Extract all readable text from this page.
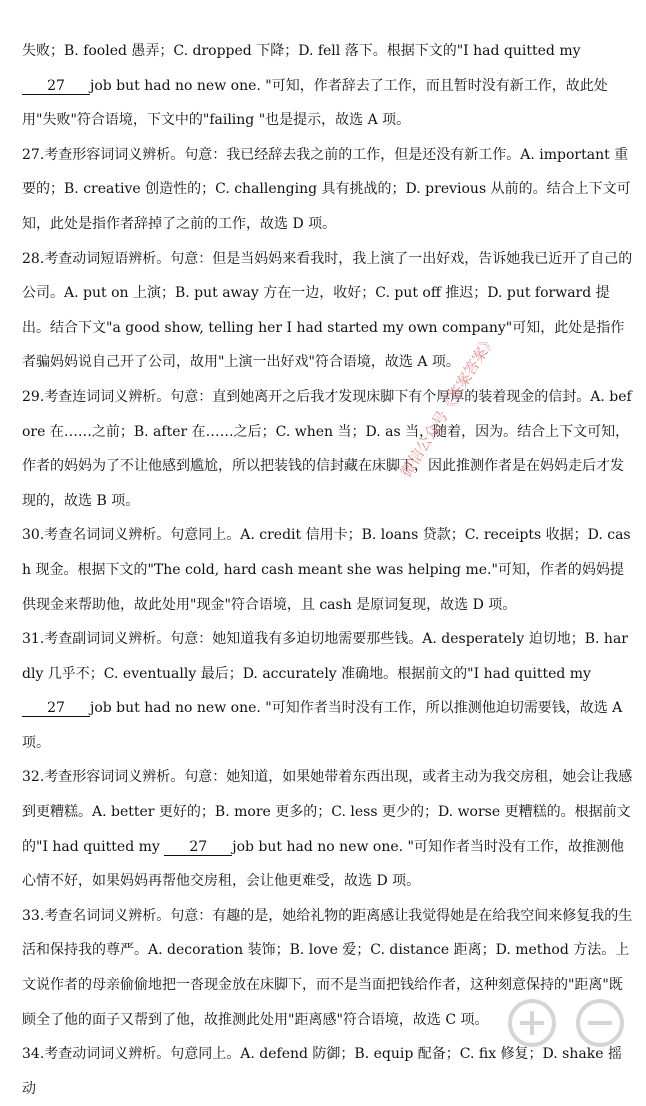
失败；B. fooled 愚弄；C. dropped 下降；D. fell 落下。根据下文的"I had quitted my 27 job but had no new one. "可知，作者辞去了工作，而且暂时没有新工作，故此处用"失败"符合语境，下文中的"failing "也是提示，故选 A 项。

27.考查形容词词义辨析。句意：我已经辞去我之前的工作，但是还没有新工作。A. important 重要的；B. creative 创造性的；C. challenging 具有挑战的；D. previous 从前的。结合上下文可知，此处是指作者辞掉了之前的工作，故选 D 项。

28.考查动词短语辨析。句意：但是当妈妈来看我时，我上演了一出好戏，告诉她我已近开了自己的公司。A. put on 上演；B. put away 方在一边，收好；C. put off 推迟；D. put forward 提出。结合下文"a good show, telling her I had started my own company"可知，此处是指作者骗妈妈说自己开了公司，故用"上演一出好戏"符合语境，故选 A 项。

29.考查连词词义辨析。句意：直到她离开之后我才发现床脚下有个厚厚的装着现金的信封。A. before 在……之前；B. after 在……之后；C. when 当；D. as 当，随着，因为。结合上下文可知，作者的妈妈为了不让他感到尴尬，所以把装钱的信封藏在床脚下，因此推测作者是在妈妈走后才发现的，故选 B 项。

30.考查名词词义辨析。句意同上。A. credit 信用卡；B. loans 贷款；C. receipts 收据；D. cash 现金。根据下文的"The cold, hard cash meant she was helping me."可知，作者的妈妈提供现金来帮助他，故此处用"现金"符合语境，且 cash 是原词复现，故选 D 项。

31.考查副词词义辨析。句意：她知道我有多迫切地需要那些钱。A. desperately 迫切地；B. hardly 几乎不；C. eventually 最后；D. accurately 准确地。根据前文的"I had quitted my 27 job but had no new one. "可知作者当时没有工作，所以推测他迫切需要钱，故选 A 项。

32.考查形容词词义辨析。句意：她知道，如果她带着东西出现，或者主动为我交房租，她会让我感到更糟糕。A. better 更好的；B. more 更多的；C. less 更少的；D. worse 更糟糕的。根据前文的"I had quitted my 27 job but had no new one. "可知作者当时没有工作，故推测他心情不好，如果妈妈再帮他交房租，会让他更难受，故选 D 项。

33.考查名词词义辨析。句意：有趣的是，她给礼物的距离感让我觉得她是在给我空间来修复我的生活和保持我的尊严。A. decoration 装饰；B. love 爱；C. distance 距离；D. method 方法。上文说作者的母亲偷偷地把一沓现金放在床脚下，而不是当面把钱给作者，这种刻意保持的"距离"既顾全了他的面子又帮到了他，故推测此处用"距离感"符合语境，故选 C 项。

34.考查动词词义辨析。句意同上。A. defend 防御；B. equip 配备；C. fix 修复；D. shake 摇动

微信公众号《答案答案》
